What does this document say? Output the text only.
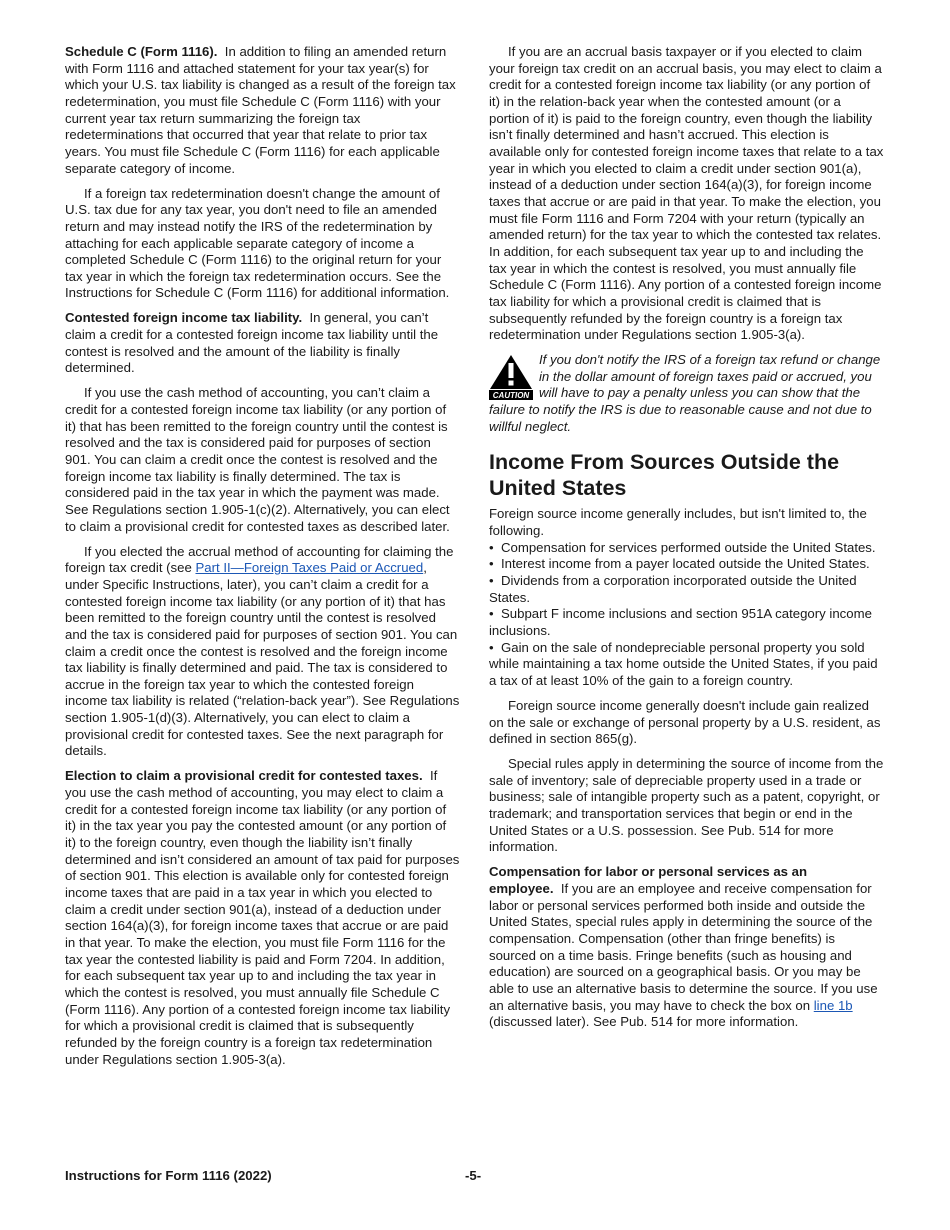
Schedule C (Form 1116). In addition to filing an amended return with Form 1116 and attached statement for your tax year(s) for which your U.S. tax liability is changed as a result of the foreign tax redetermination, you must file Schedule C (Form 1116) with your current year tax return summarizing the foreign tax redeterminations that occurred that year that relate to prior tax years. You must file Schedule C (Form 1116) for each applicable separate category of income.

If a foreign tax redetermination doesn't change the amount of U.S. tax due for any tax year, you don't need to file an amended return and may instead notify the IRS of the redetermination by attaching for each applicable separate category of income a completed Schedule C (Form 1116) to the original return for your tax year in which the foreign tax redetermination occurs. See the Instructions for Schedule C (Form 1116) for additional information.

Contested foreign income tax liability. In general, you can’t claim a credit for a contested foreign income tax liability until the contest is resolved and the amount of the liability is finally determined.

If you use the cash method of accounting, you can’t claim a credit for a contested foreign income tax liability (or any portion of it) that has been remitted to the foreign country until the contest is resolved and the tax is considered paid for purposes of section 901. You can claim a credit once the contest is resolved and the foreign income tax liability is finally determined. The tax is considered paid in the tax year in which the payment was made. See Regulations section 1.905-1(c)(2). Alternatively, you can elect to claim a provisional credit for contested taxes as described later.

If you elected the accrual method of accounting for claiming the foreign tax credit (see Part II—Foreign Taxes Paid or Accrued, under Specific Instructions, later), you can’t claim a credit for a contested foreign income tax liability (or any portion of it) that has been remitted to the foreign country until the contest is resolved and the tax is considered paid for purposes of section 901. You can claim a credit once the contest is resolved and the foreign income tax liability is finally determined and paid. The tax is considered to accrue in the foreign tax year to which the contested foreign income tax liability is related (“relation-back year”). See Regulations section 1.905-1(d)(3). Alternatively, you can elect to claim a provisional credit for contested taxes. See the next paragraph for details.

Election to claim a provisional credit for contested taxes. If you use the cash method of accounting, you may elect to claim a credit for a contested foreign income tax liability (or any portion of it) in the tax year you pay the contested amount (or any portion of it) to the foreign country, even though the liability isn’t finally determined and isn’t considered an amount of tax paid for purposes of section 901. This election is available only for contested foreign income taxes that are paid in a tax year in which you elected to claim a credit under section 901(a), instead of a deduction under section 164(a)(3), for foreign income taxes that accrue or are paid in that year. To make the election, you must file Form 1116 for the tax year the contested liability is paid and Form 7204. In addition, for each subsequent tax year up to and including the tax year in which the contest is resolved, you must annually file Schedule C (Form 1116). Any portion of a contested foreign income tax liability for which a provisional credit is claimed that is subsequently refunded by the foreign country is a foreign tax redetermination under Regulations section 1.905-3(a).

If you are an accrual basis taxpayer or if you elected to claim your foreign tax credit on an accrual basis, you may elect to claim a credit for a contested foreign income tax liability (or any portion of it) in the relation-back year when the contested amount (or a portion of it) is paid to the foreign country, even though the liability isn’t finally determined and hasn’t accrued. This election is available only for contested foreign income taxes that relate to a tax year in which you elected to claim a credit under section 901(a), instead of a deduction under section 164(a)(3), for foreign income taxes that accrue or are paid in that year. To make the election, you must file Form 1116 and Form 7204 with your return (typically an amended return) for the tax year to which the contested tax relates. In addition, for each subsequent tax year up to and including the tax year in which the contest is resolved, you must annually file Schedule C (Form 1116). Any portion of a contested foreign income tax liability for which a provisional credit is claimed that is subsequently refunded by the foreign country is a foreign tax redetermination under Regulations section 1.905-3(a).

CAUTION
If you don't notify the IRS of a foreign tax refund or change in the dollar amount of foreign taxes paid or accrued, you will have to pay a penalty unless you can show that the failure to notify the IRS is due to reasonable cause and not due to willful neglect.
Income From Sources Outside the United States

Foreign source income generally includes, but isn't limited to, the following.

• Compensation for services performed outside the United States.
• Interest income from a payer located outside the United States.
• Dividends from a corporation incorporated outside the United States.
• Subpart F income inclusions and section 951A category income inclusions.
• Gain on the sale of nondepreciable personal property you sold while maintaining a tax home outside the United States, if you paid a tax of at least 10% of the gain to a foreign country.

Foreign source income generally doesn't include gain realized on the sale or exchange of personal property by a U.S. resident, as defined in section 865(g).

Special rules apply in determining the source of income from the sale of inventory; sale of depreciable property used in a trade or business; sale of intangible property such as a patent, copyright, or trademark; and transportation services that begin or end in the United States or a U.S. possession. See Pub. 514 for more information.

Compensation for labor or personal services as an employee. If you are an employee and receive compensation for labor or personal services performed both inside and outside the United States, special rules apply in determining the source of the compensation. Compensation (other than fringe benefits) is sourced on a time basis. Fringe benefits (such as housing and education) are sourced on a geographical basis. Or you may be able to use an alternative basis to determine the source. If you use an alternative basis, you may have to check the box on line 1b (discussed later). See Pub. 514 for more information.

Instructions for Form 1116 (2022)	-5-
